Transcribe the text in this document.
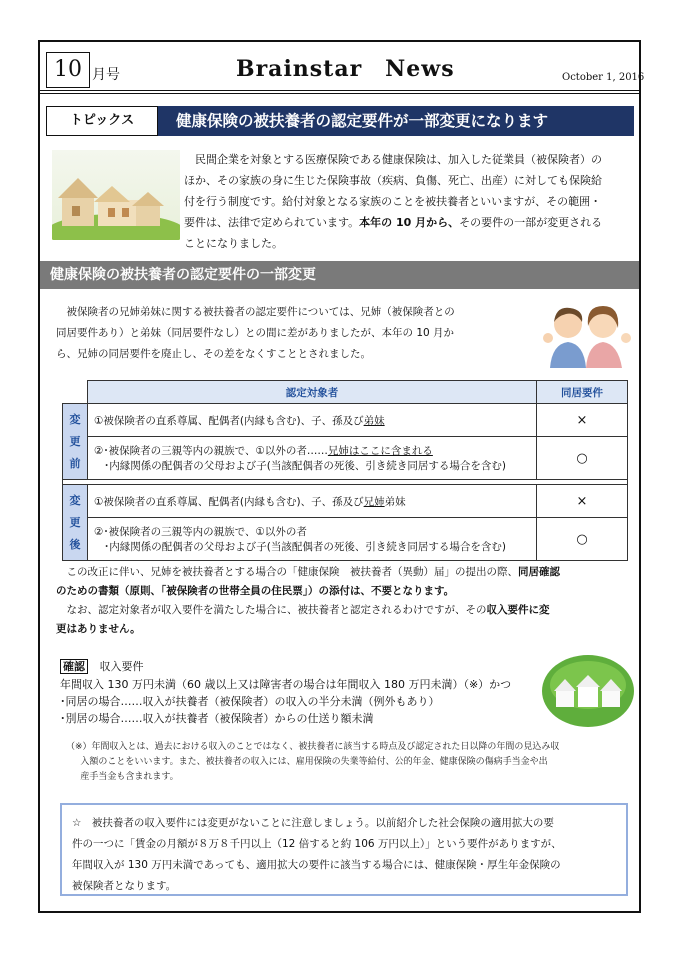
10 月号	Brainstar　News	October 1, 2016
トピックス	健康保険の被扶養者の認定要件が一部変更になります
民間企業を対象とする医療保険である健康保険は、加入した従業員（被保険者）の
ほか、その家族の身に生じた保険事故（疾病、負傷、死亡、出産）に対しても保険給
付を行う制度です。給付対象となる家族のことを被扶養者といいますが、その範囲・
要件は、法律で定められています。本年の 10 月から、その要件の一部が変更される
ことになりました。
健康保険の被扶養者の認定要件の一部変更
被保険者の兄姉弟妹に関する被扶養者の認定要件については、兄姉（被保険者との
同居要件あり）と弟妹（同居要件なし）との間に差がありましたが、本年の 10 月か
ら、兄姉の同居要件を廃止し、その差をなくすこととされました。
	認定対象者	同居要件
変
更
前	①被保険者の直系尊属、配偶者(内縁も含む)、子、孫及び弟妹	×
	②･被保険者の三親等内の親族で、①以外の者……兄姉はここに含まれる
･内縁関係の配偶者の父母および子(当該配偶者の死後、引き続き同居する場合を含む)	○

変
更
後	①被保険者の直系尊属、配偶者(内縁も含む)、子、孫及び兄姉弟妹	×
	②･被保険者の三親等内の親族で、①以外の者
･内縁関係の配偶者の父母および子(当該配偶者の死後、引き続き同居する場合を含む)	○
この改正に伴い、兄姉を被扶養者とする場合の「健康保険　被扶養者（異動）届」の提出の際、同居確認
のための書類（原則、「被保険者の世帯全員の住民票」）の添付は、不要となります。
なお、認定対象者が収入要件を満たした場合に、被扶養者と認定されるわけですが、その収入要件に変
更はありません。
確認 収入要件
年間収入 130 万円未満（60 歳以上又は障害者の場合は年間収入 180 万円未満）（※）かつ
･同居の場合……収入が扶養者（被保険者）の収入の半分未満（例外もあり）
･別居の場合……収入が扶養者（被保険者）からの仕送り額未満
（※）年間収入とは、過去における収入のことではなく、被扶養者に該当する時点及び認定された日以降の年間の見込み収
入額のことをいいます。また、被扶養者の収入には、雇用保険の失業等給付、公的年金、健康保険の傷病手当金や出
産手当金も含まれます。
☆　被扶養者の収入要件には変更がないことに注意しましょう。以前紹介した社会保険の適用拡大の要
件の一つに「賃金の月額が８万８千円以上（12 倍すると約 106 万円以上）」という要件がありますが、
年間収入が 130 万円未満であっても、適用拡大の要件に該当する場合には、健康保険・厚生年金保険の
被保険者となります。
